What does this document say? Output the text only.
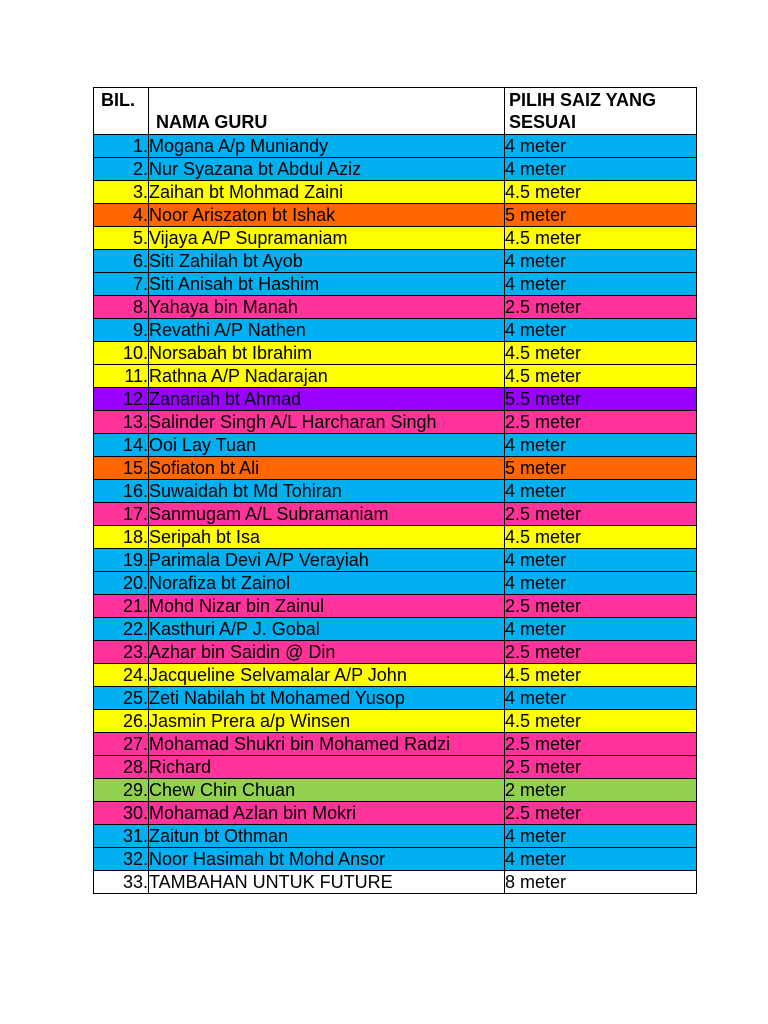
BIL.	NAMA GURU	PILIH SAIZ YANG
SESUAI

1.	Mogana A/p Muniandy	4 meter
2.	Nur Syazana bt Abdul Aziz	4 meter
3.	Zaihan bt Mohmad Zaini	4.5 meter
4.	Noor Ariszaton bt Ishak	5 meter
5.	Vijaya A/P Supramaniam	4.5 meter
6.	Siti Zahilah bt Ayob	4 meter
7.	Siti Anisah bt Hashim	4 meter
8.	Yahaya bin Manah	2.5 meter
9.	Revathi A/P Nathen	4 meter
10.	Norsabah bt Ibrahim	4.5 meter
11.	Rathna A/P Nadarajan	4.5 meter
12.	Zanariah bt Ahmad	5.5 meter
13.	Salinder Singh A/L Harcharan Singh	2.5 meter
14.	Ooi Lay Tuan	4 meter
15.	Sofiaton bt Ali	5 meter
16.	Suwaidah bt Md Tohiran	4 meter
17.	Sanmugam A/L Subramaniam	2.5 meter
18.	Seripah bt Isa	4.5 meter
19.	Parimala Devi A/P Verayiah	4 meter
20.	Norafiza bt Zainol	4 meter
21.	Mohd Nizar bin Zainul	2.5 meter
22.	Kasthuri A/P J. Gobal	4 meter
23.	Azhar bin Saidin @ Din	2.5 meter
24.	Jacqueline Selvamalar A/P John	4.5 meter
25.	Zeti Nabilah bt Mohamed Yusop	4 meter
26.	Jasmin Prera a/p Winsen	4.5 meter
27.	Mohamad Shukri bin Mohamed Radzi	2.5 meter
28.	Richard	2.5 meter
29.	Chew Chin Chuan	2 meter
30.	Mohamad Azlan bin Mokri	2.5 meter
31.	Zaitun bt Othman	4 meter
32.	Noor Hasimah bt Mohd Ansor	4 meter
33.	TAMBAHAN UNTUK FUTURE	8 meter
